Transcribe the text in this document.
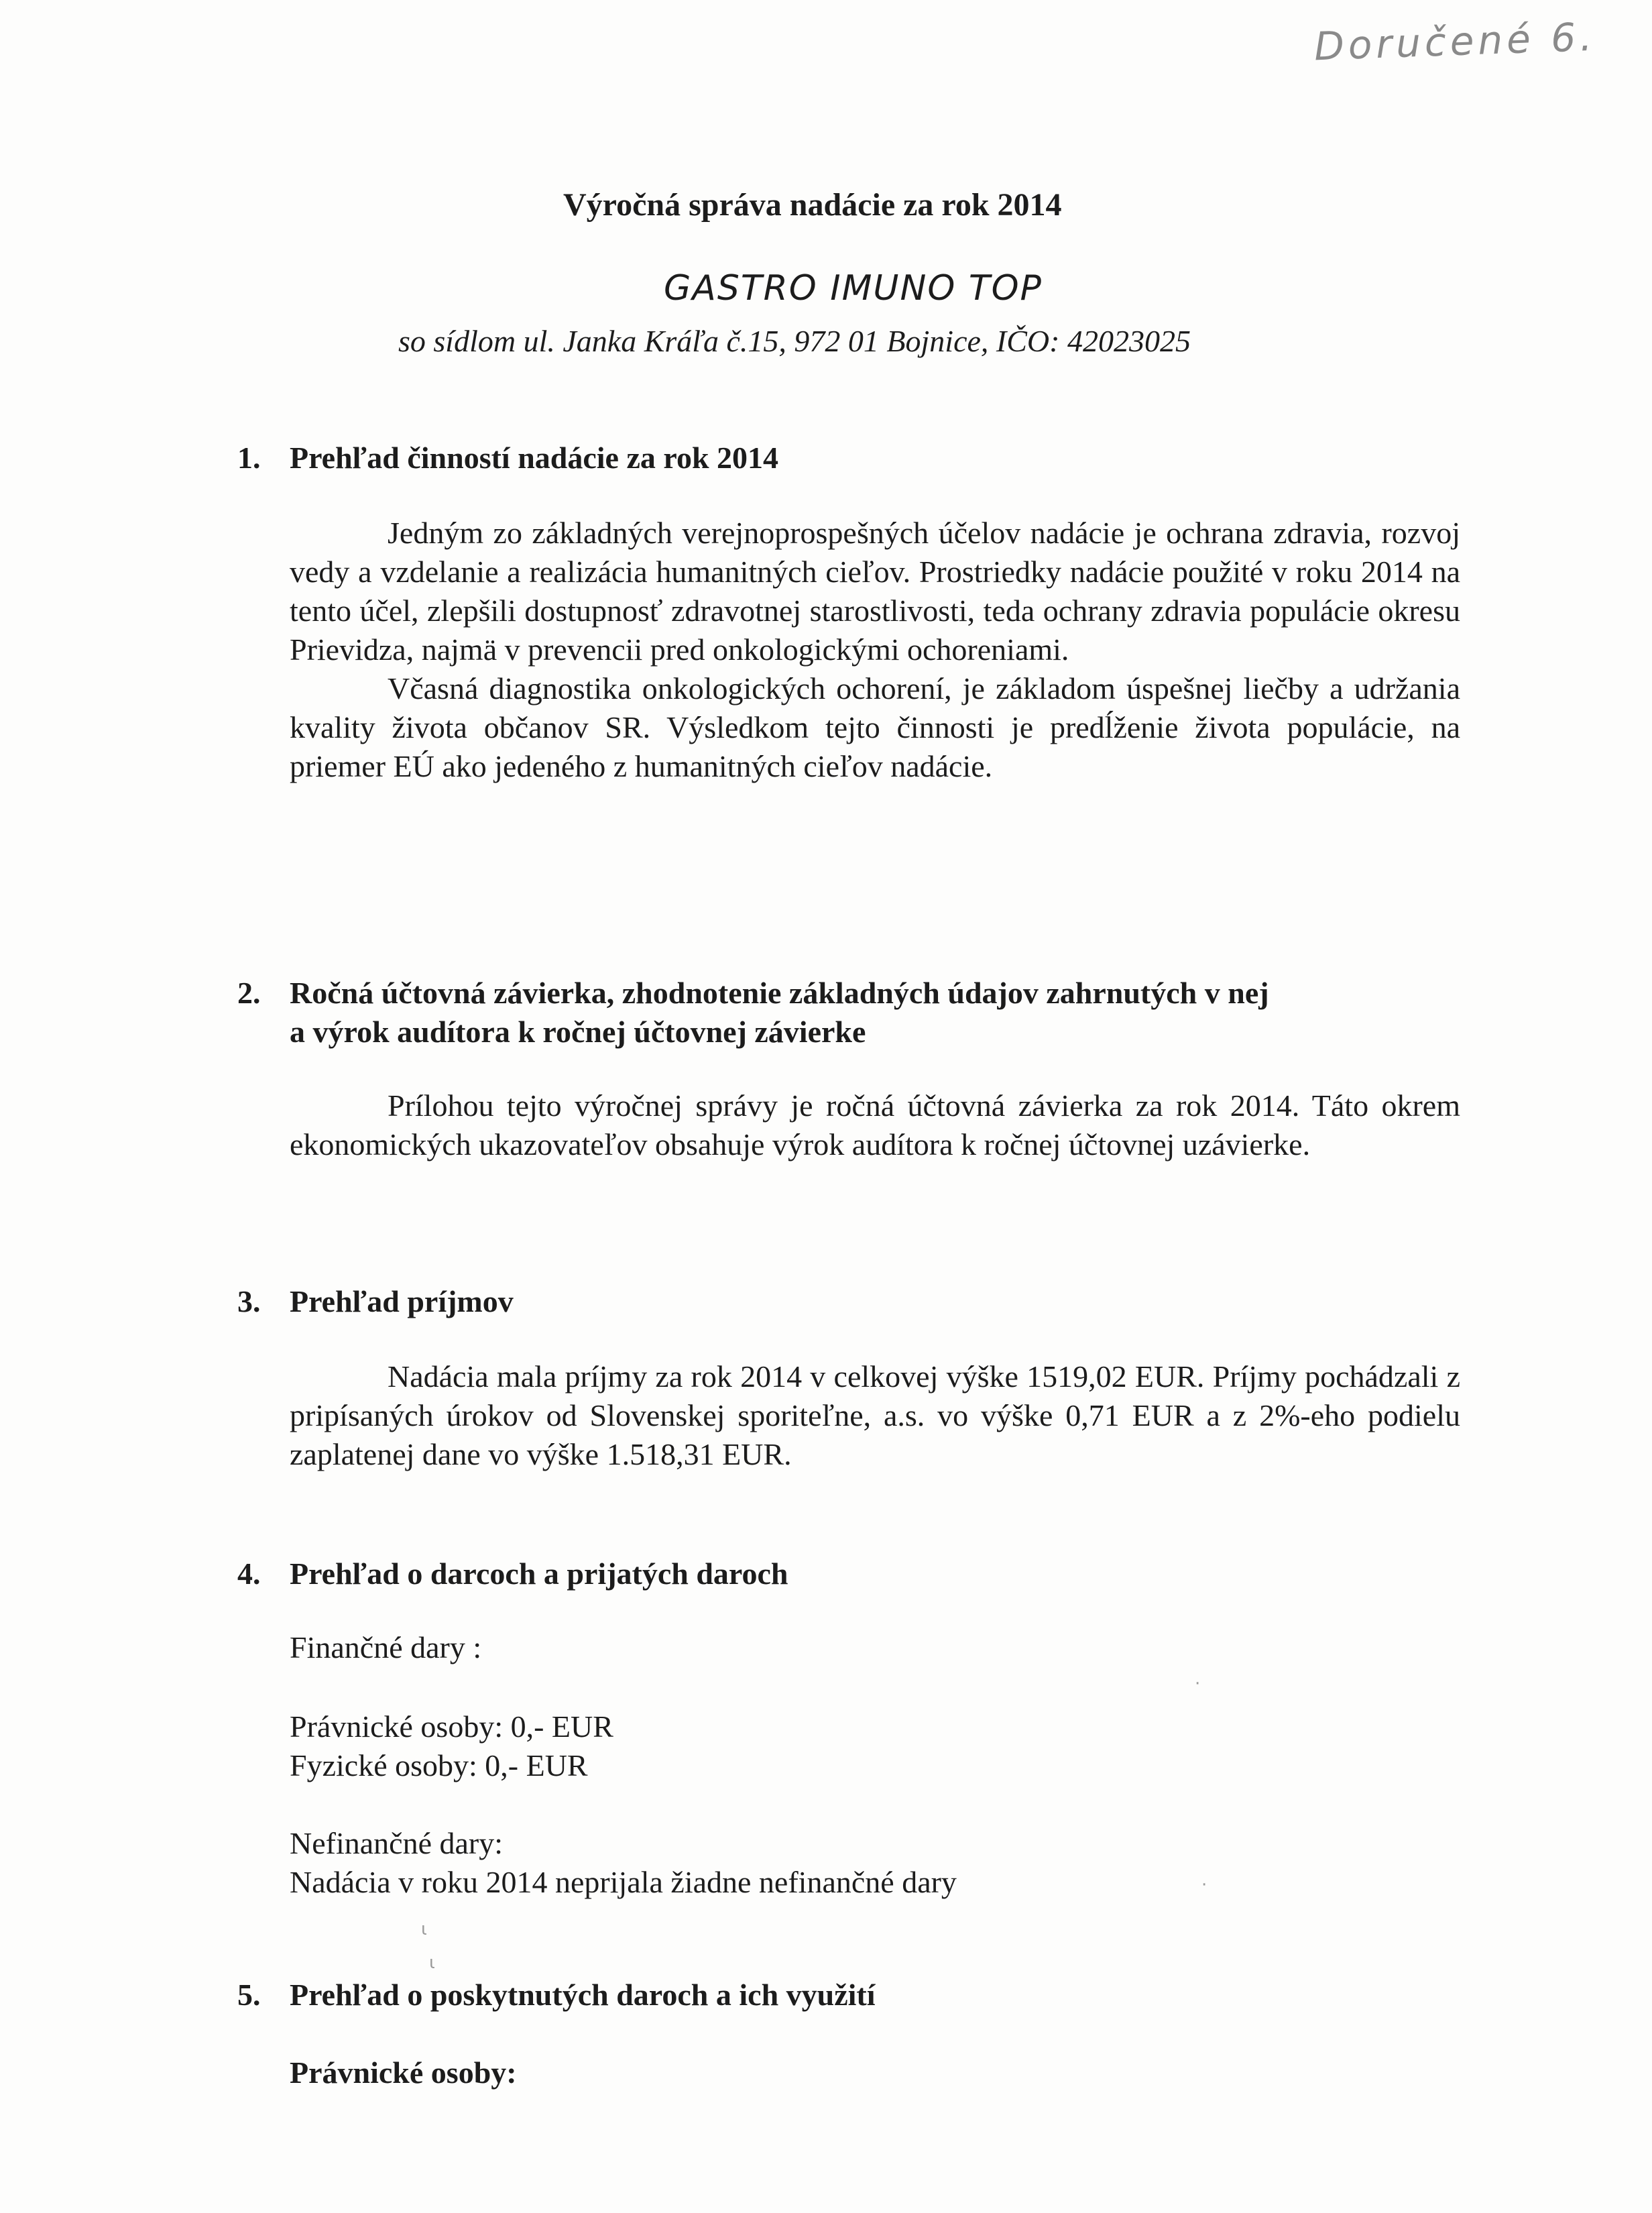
Doručené 6.
Výročná správa nadácie za rok 2014
GASTRO IMUNO TOP
so sídlom ul. Janka Kráľa č.15, 972 01 Bojnice, IČO: 42023025
1. Prehľad činností nadácie za rok 2014

Jedným zo základných verejnoprospešných účelov nadácie je ochrana zdravia, rozvoj vedy a vzdelanie a realizácia humanitných cieľov. Prostriedky nadácie použité v roku 2014 na tento účel, zlepšili dostupnosť zdravotnej starostlivosti, teda ochrany zdravia populácie okresu Prievidza, najmä v prevencii pred onkologickými ochoreniami.

Včasná diagnostika onkologických ochorení, je základom úspešnej liečby a udržania kvality života občanov SR. Výsledkom tejto činnosti je predĺženie života populácie, na priemer EÚ ako jedeného z humanitných cieľov nadácie.

2. Ročná účtovná závierka, zhodnotenie základných údajov zahrnutých v nej
a výrok audítora k ročnej účtovnej závierke

Prílohou tejto výročnej správy je ročná účtovná závierka za rok 2014. Táto okrem ekonomických ukazovateľov obsahuje výrok audítora k ročnej účtovnej uzávierke.

3. Prehľad príjmov

Nadácia mala príjmy za rok 2014 v celkovej výške 1519,02 EUR. Príjmy pochádzali z pripísaných úrokov od Slovenskej sporiteľne, a.s. vo výške 0,71 EUR a z 2%-eho podielu zaplatenej dane vo výške 1.518,31 EUR.

4. Prehľad o darcoch a prijatých daroch
Finančné dary :
Právnické osoby: 0,- EUR
Fyzické osoby: 0,- EUR
Nefinančné dary:
Nadácia v roku 2014 neprijala žiadne nefinančné dary
ɩ
ɩ
·
·
5. Prehľad o poskytnutých daroch a ich využití
Právnické osoby:
